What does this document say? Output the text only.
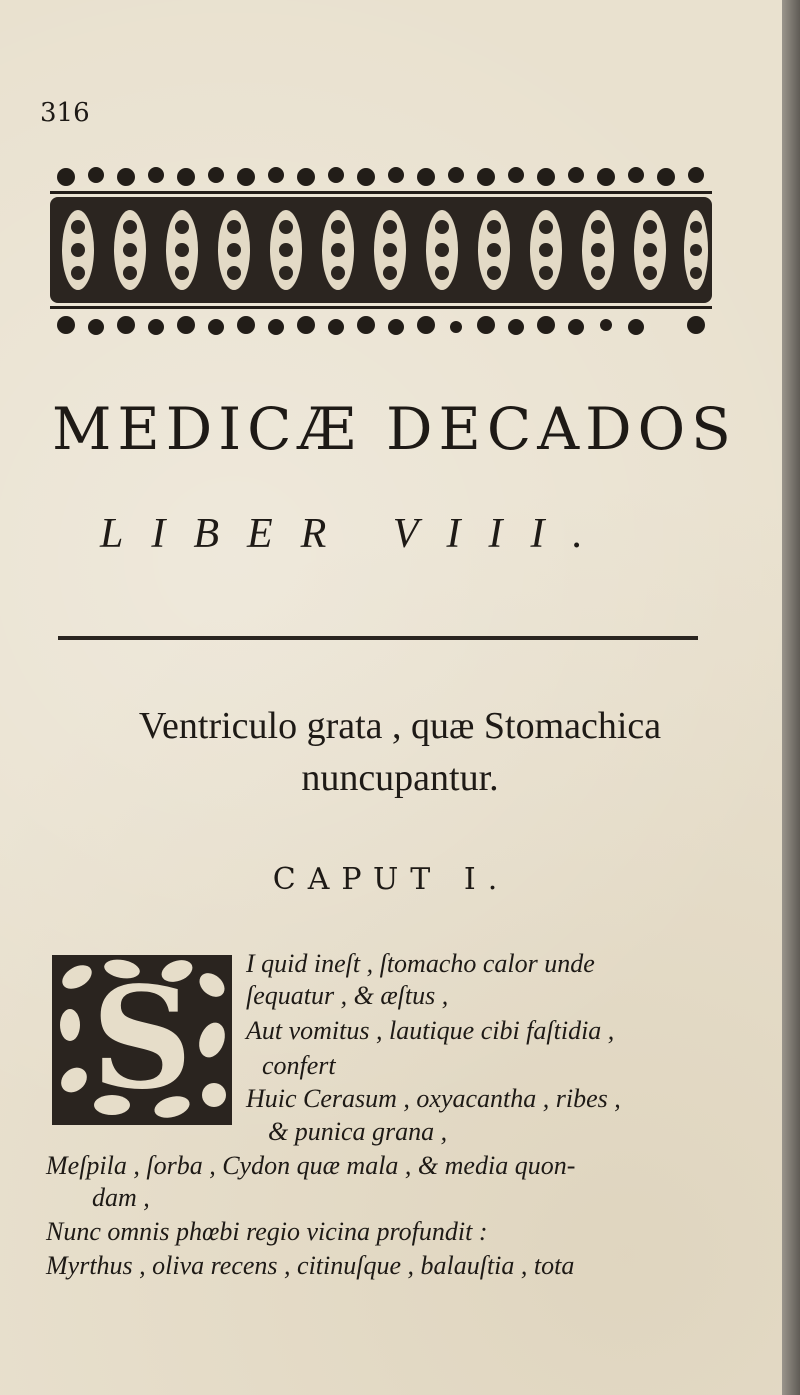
316
MEDICÆ DECADOS
LIBER VIII.
Ventriculo grata , quæ Stomachica nuncupantur.
CAPUT I.
S I quid ineſt , ſtomacho calor unde
ſequatur , & æſtus ,
Aut vomitus , lautique cibi faſtidia ,
confert
Huic Cerasum , oxyacantha , ribes ,
& punica grana ,
Meſpila , ſorba , Cydon quæ mala , & media quon-
dam ,
Nunc omnis phœbi regio vicina profundit :
Myrthus , oliva recens , citinuſque , balauſtia , tota
